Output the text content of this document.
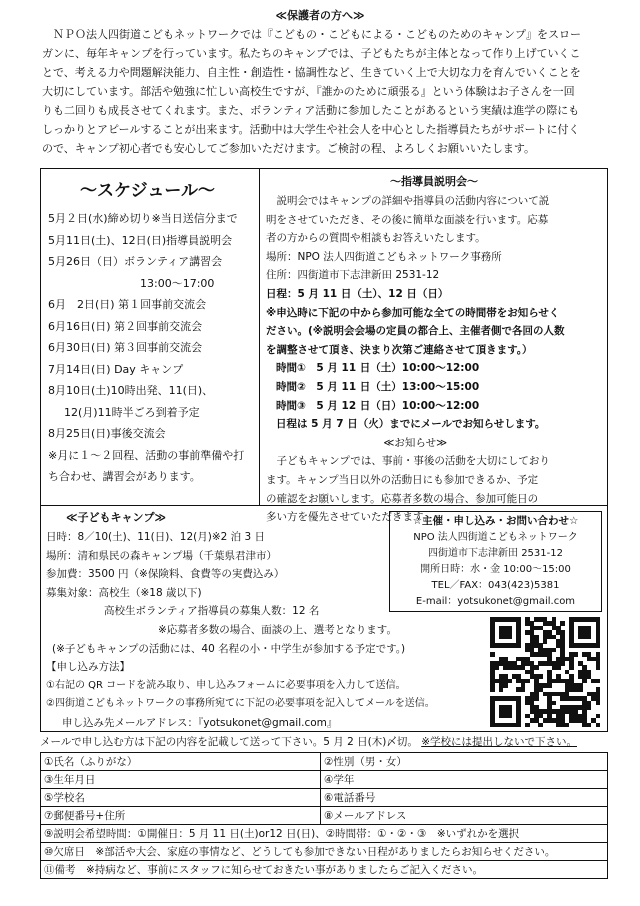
≪保護者の方へ≫
　ＮＰＯ法人四街道こどもネットワークでは『こどもの・こどもによる・こどものためのキャンプ』をスロー
ガンに、毎年キャンプを行っています。私たちのキャンプでは、子どもたちが主体となって作り上げていくこ
とで、考える力や問題解決能力、自主性・創造性・協調性など、生きていく上で大切な力を育んでいくことを
大切にしています。部活や勉強に忙しい高校生ですが、『誰かのために頑張る』という体験はお子さんを一回
りも二回りも成長させてくれます。また、ボランティア活動に参加したことがあるという実績は進学の際にも
しっかりとアピールすることが出来ます。活動中は大学生や社会人を中心とした指導員たちがサポートに付く
ので、キャンプ初心者でも安心してご参加いただけます。ご検討の程、よろしくお願いいたします。
～スケジュール～
5月２日(水)締め切り※当日送信分まで
5月11日(土)、12日(日)指導員説明会
5月26日（日）ボランティア講習会
13:00～17:00
6月　2日(日) 第１回事前交流会
6月16日(日) 第２回事前交流会
6月30日(日) 第３回事前交流会
7月14日(日) Day キャンプ
8月10日(土)10時出発、11(日)、
12(月)11時半ごろ到着予定
8月25日(日)事後交流会
※月に１～２回程、活動の事前準備や打
ち合わせ、講習会があります。
～指導員説明会～
　説明会ではキャンプの詳細や指導員の活動内容について説
明をさせていただき、その後に簡単な面談を行います。応募
者の方からの質問や相談もお答えいたします。
場所：NPO 法人四街道こどもネットワーク事務所
住所：四街道市下志津新田 2531-12
日程：5 月 11 日（土）、12 日（日）
※申込時に下記の中から参加可能な全ての時間帯をお知らせく
ださい。(※説明会会場の定員の都合上、主催者側で各回の人数
を調整させて頂き、決まり次第ご連絡させて頂きます。）
時間①　5 月 11 日（土）10:00～12:00
時間②　5 月 11 日（土）13:00～15:00
時間③　5 月 12 日（日）10:00～12:00
日程は 5 月 7 日（火）までにメールでお知らせします。
≪お知らせ≫
　子どもキャンプでは、事前・事後の活動を大切にしており
ます。キャンプ当日以外の活動日にも参加できるか、予定
の確認をお願いします。応募者多数の場合、参加可能日の
多い方を優先させていただきます。
≪子どもキャンプ≫
日時：8／10(土)、11(日)、12(月)※2 泊 3 日
場所：清和県民の森キャンプ場（千葉県君津市）
参加費：3500 円（※保険料、食費等の実費込み）
募集対象：高校生（※18 歳以下)
高校生ボランティア指導員の募集人数：12 名
※応募者多数の場合、面談の上、選考となります。
(※子どもキャンプの活動には、40 名程の小・中学生が参加する予定です。)
【申し込み方法】
①右記の QR コードを読み取り、申し込みフォームに必要事項を入力して送信。
②四街道こどもネットワークの事務所宛てに下記の必要事項を記入してメールを送信。
申し込み先メールアドレス：『yotsukonet@gmail.com』
☆主催・申し込み・お問い合わせ☆
NPO 法人四街道こどもネットワーク
四街道市下志津新田 2531-12
開所日時：水・金 10:00～15:00
TEL／FAX：043(423)5381
E-mail：yotsukonet@gmail.com
メールで申し込む方は下記の内容を記載して送って下さい。5 月 2 日(木)〆切。 ※学校には提出しないで下さい。
①氏名（ふりがな）	②性別（男・女）
③生年月日	④学年
⑤学校名	⑥電話番号
⑦郵便番号+住所	⑧メールアドレス
⑨説明会希望時間：①開催日：5 月 11 日(土)or12 日(日)、②時間帯：①・②・③　※いずれかを選択	
⑩欠席日　※部活や大会、家庭の事情など、どうしても参加できない日程がありましたらお知らせください。	
⑪備考　※持病など、事前にスタッフに知らせておきたい事がありましたらご記入ください。	
